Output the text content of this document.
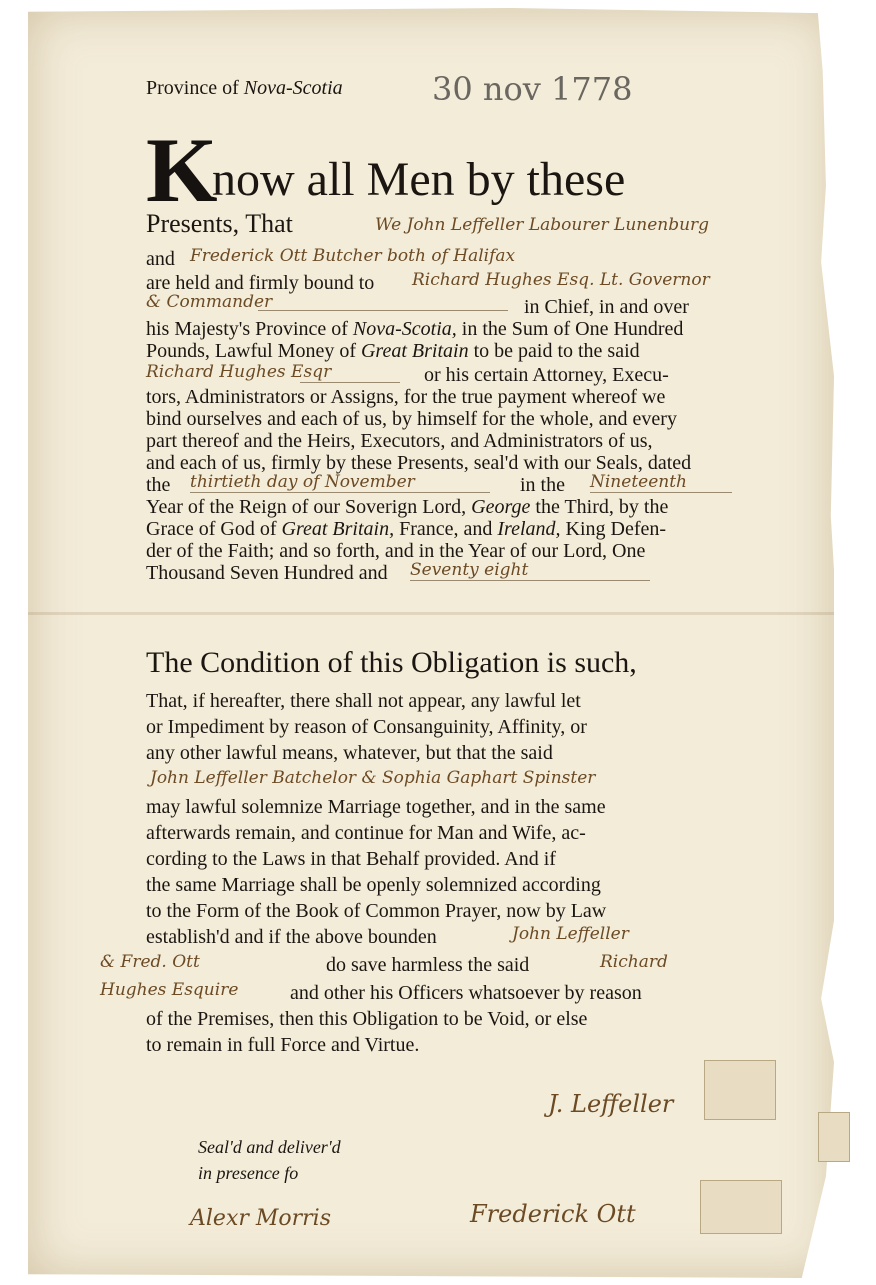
Province of Nova-Scotia	30 nov 1778
K
now all Men by these
Presents, That	We John Leffeller Labourer Lunenburg
and Frederick Ott Butcher both of Halifax
are held and firmly bound to Richard Hughes Esq. Lt. Governor
& Commander	in Chief, in and over
his Majesty's Province of Nova-Scotia, in the Sum of One Hundred
Pounds, Lawful Money of Great Britain to be paid to the said
Richard Hughes Esqr	or his certain Attorney, Execu-
tors, Administrators or Assigns, for the true payment whereof we
bind ourselves and each of us, by himself for the whole, and every
part thereof and the Heirs, Executors, and Administrators of us,
and each of us, firmly by these Presents, seal'd with our Seals, dated
the thirtieth day of November	in the Nineteenth
Year of the Reign of our Soverign Lord, George the Third, by the
Grace of God of Great Britain, France, and Ireland, King Defen-
der of the Faith; and so forth, and in the Year of our Lord, One
Thousand Seven Hundred and Seventy eight
The Condition of this Obligation is such,
That, if hereafter, there shall not appear, any lawful let
or Impediment by reason of Consanguinity, Affinity, or
any other lawful means, whatever, but that the said
John Leffeller Batchelor & Sophia Gaphart Spinster
may lawful solemnize Marriage together, and in the same
afterwards remain, and continue for Man and Wife, ac-
cording to the Laws in that Behalf provided. And if
the same Marriage shall be openly solemnized according
to the Form of the Book of Common Prayer, now by Law
establish'd and if the above bounden	John Leffeller
& Fred. Ott	do save harmless the said	Richard
Hughes Esquire	and other his Officers whatsoever by reason
of the Premises, then this Obligation to be Void, or else
to remain in full Force and Virtue.
Seal'd and deliver'd
in presence fo
J. Leffeller
Frederick Ott
Alexr Morris
